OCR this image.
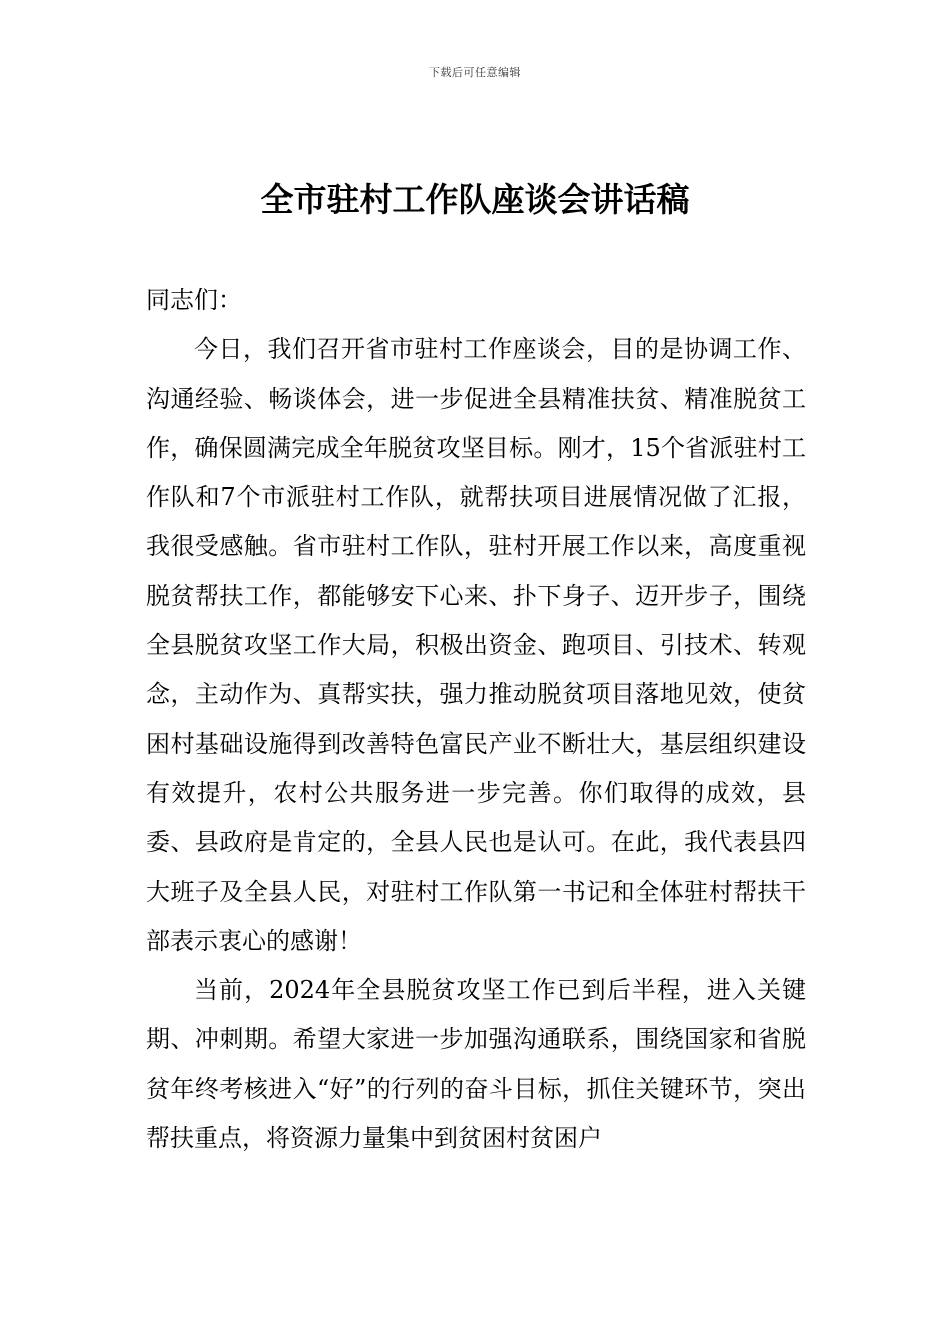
下载后可任意编辑
全市驻村工作队座谈会讲话稿

同志们：

今日，我们召开省市驻村工作座谈会，目的是协调工作、沟通经验、畅谈体会，进一步促进全县精准扶贫、精准脱贫工作，确保圆满完成全年脱贫攻坚目标。刚才，15个省派驻村工作队和7个市派驻村工作队，就帮扶项目进展情况做了汇报，我很受感触。省市驻村工作队，驻村开展工作以来，高度重视脱贫帮扶工作，都能够安下心来、扑下身子、迈开步子，围绕全县脱贫攻坚工作大局，积极出资金、跑项目、引技术、转观念，主动作为、真帮实扶，强力推动脱贫项目落地见效，使贫困村基础设施得到改善特色富民产业不断壮大，基层组织建设有效提升，农村公共服务进一步完善。你们取得的成效，县委、县政府是肯定的，全县人民也是认可。在此，我代表县四大班子及全县人民，对驻村工作队第一书记和全体驻村帮扶干部表示衷心的感谢！

当前，2024年全县脱贫攻坚工作已到后半程，进入关键期、冲刺期。希望大家进一步加强沟通联系，围绕国家和省脱贫年终考核进入“好”的行列的奋斗目标，抓住关键环节，突出帮扶重点，将资源力量集中到贫困村贫困户
